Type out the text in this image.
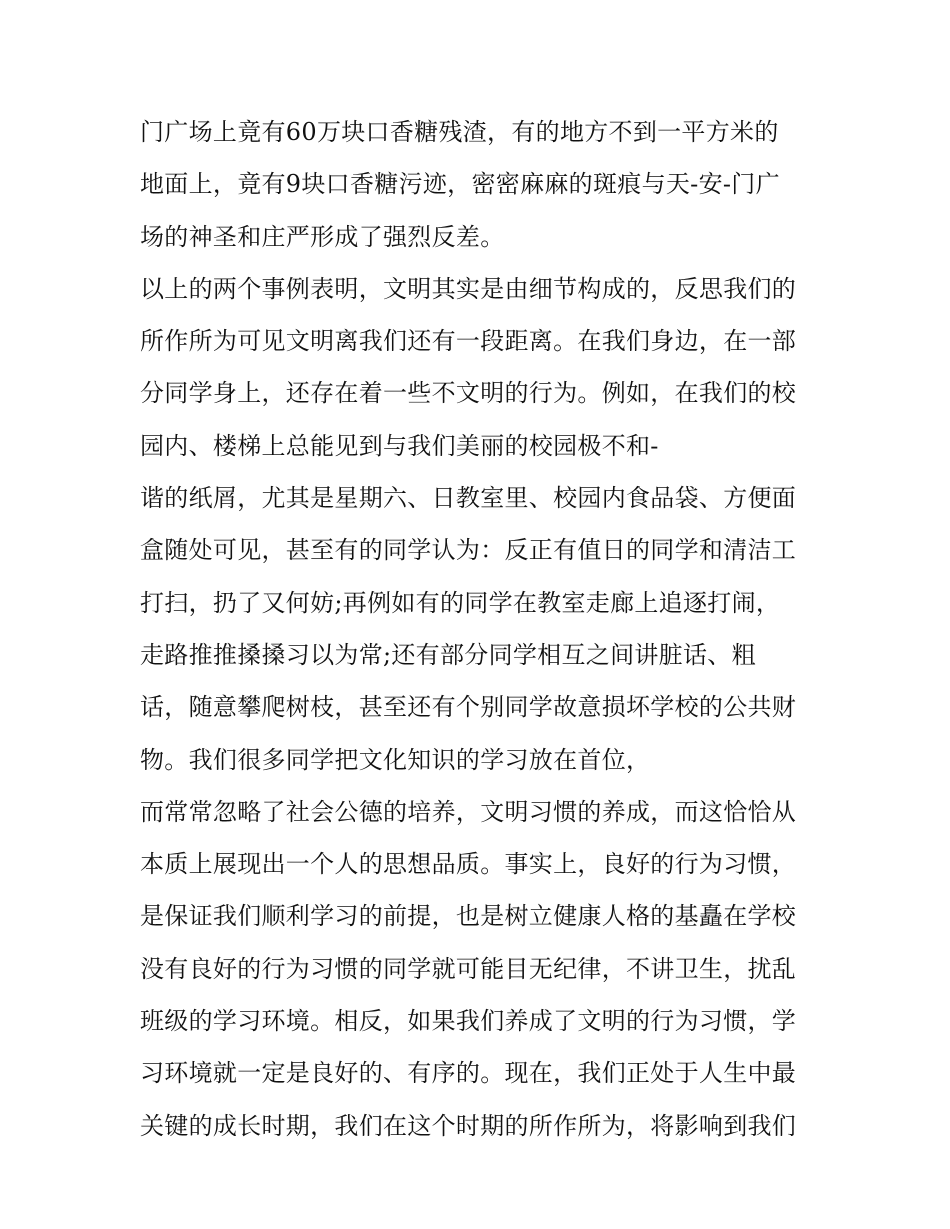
门广场上竟有60万块口香糖残渣，有的地方不到一平方米的
地面上，竟有9块口香糖污迹，密密麻麻的斑痕与天-安-门广
场的神圣和庄严形成了强烈反差。
以上的两个事例表明，文明其实是由细节构成的，反思我们的
所作所为可见文明离我们还有一段距离。在我们身边，在一部
分同学身上，还存在着一些不文明的行为。例如，在我们的校
园内、楼梯上总能见到与我们美丽的校园极不和-
谐的纸屑，尤其是星期六、日教室里、校园内食品袋、方便面
盒随处可见，甚至有的同学认为：反正有值日的同学和清洁工
打扫，扔了又何妨;再例如有的同学在教室走廊上追逐打闹，
走路推推搡搡习以为常;还有部分同学相互之间讲脏话、粗
话，随意攀爬树枝，甚至还有个别同学故意损坏学校的公共财
物。我们很多同学把文化知识的学习放在首位，
而常常忽略了社会公德的培养，文明习惯的养成，而这恰恰从
本质上展现出一个人的思想品质。事实上，良好的行为习惯，
是保证我们顺利学习的前提，也是树立健康人格的基矗在学校
没有良好的行为习惯的同学就可能目无纪律，不讲卫生，扰乱
班级的学习环境。相反，如果我们养成了文明的行为习惯，学
习环境就一定是良好的、有序的。现在，我们正处于人生中最
关键的成长时期，我们在这个时期的所作所为，将影响到我们
